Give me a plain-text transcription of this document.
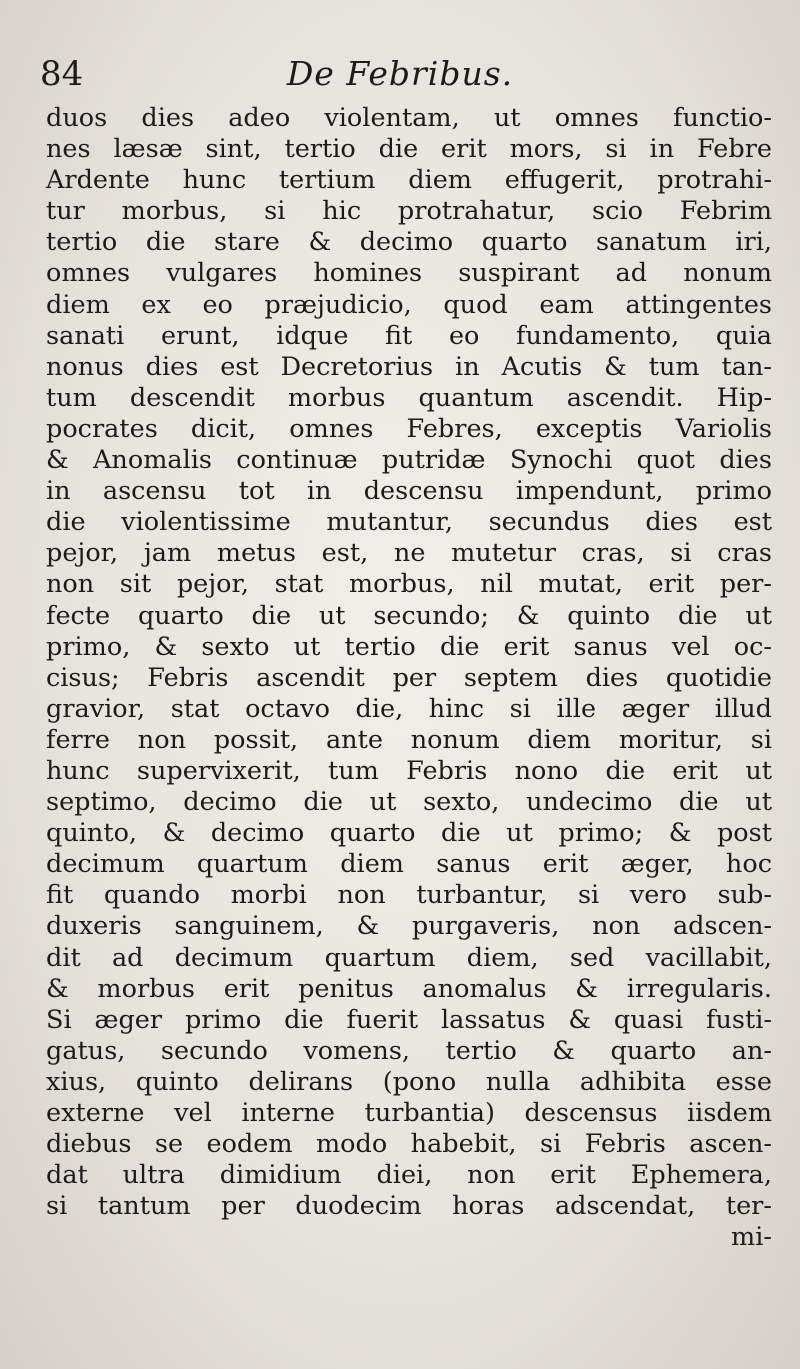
84	De Febribus.
duos dies adeo violentam, ut omnes functio-
nes læsæ sint, tertio die erit mors, si in Febre
Ardente hunc tertium diem effugerit, protrahi-
tur morbus, si hic protrahatur, scio Febrim
tertio die stare & decimo quarto sanatum iri,
omnes vulgares homines suspirant ad nonum
diem ex eo præjudicio, quod eam attingentes
sanati erunt, idque fit eo fundamento, quia
nonus dies est Decretorius in Acutis & tum tan-
tum descendit morbus quantum ascendit. Hip-
pocrates dicit, omnes Febres, exceptis Variolis
& Anomalis continuæ putridæ Synochi quot dies
in ascensu tot in descensu impendunt, primo
die violentissime mutantur, secundus dies est
pejor, jam metus est, ne mutetur cras, si cras
non sit pejor, stat morbus, nil mutat, erit per-
fecte quarto die ut secundo; & quinto die ut
primo, & sexto ut tertio die erit sanus vel oc-
cisus; Febris ascendit per septem dies quotidie
gravior, stat octavo die, hinc si ille æger illud
ferre non possit, ante nonum diem moritur, si
hunc supervixerit, tum Febris nono die erit ut
septimo, decimo die ut sexto, undecimo die ut
quinto, & decimo quarto die ut primo; & post
decimum quartum diem sanus erit æger, hoc
fit quando morbi non turbantur, si vero sub-
duxeris sanguinem, & purgaveris, non adscen-
dit ad decimum quartum diem, sed vacillabit,
& morbus erit penitus anomalus & irregularis.
Si æger primo die fuerit lassatus & quasi fusti-
gatus, secundo vomens, tertio & quarto an-
xius, quinto delirans (pono nulla adhibita esse
externe vel interne turbantia) descensus iisdem
diebus se eodem modo habebit, si Febris ascen-
dat ultra dimidium diei, non erit Ephemera,
si tantum per duodecim horas adscendat, ter-
mi-
